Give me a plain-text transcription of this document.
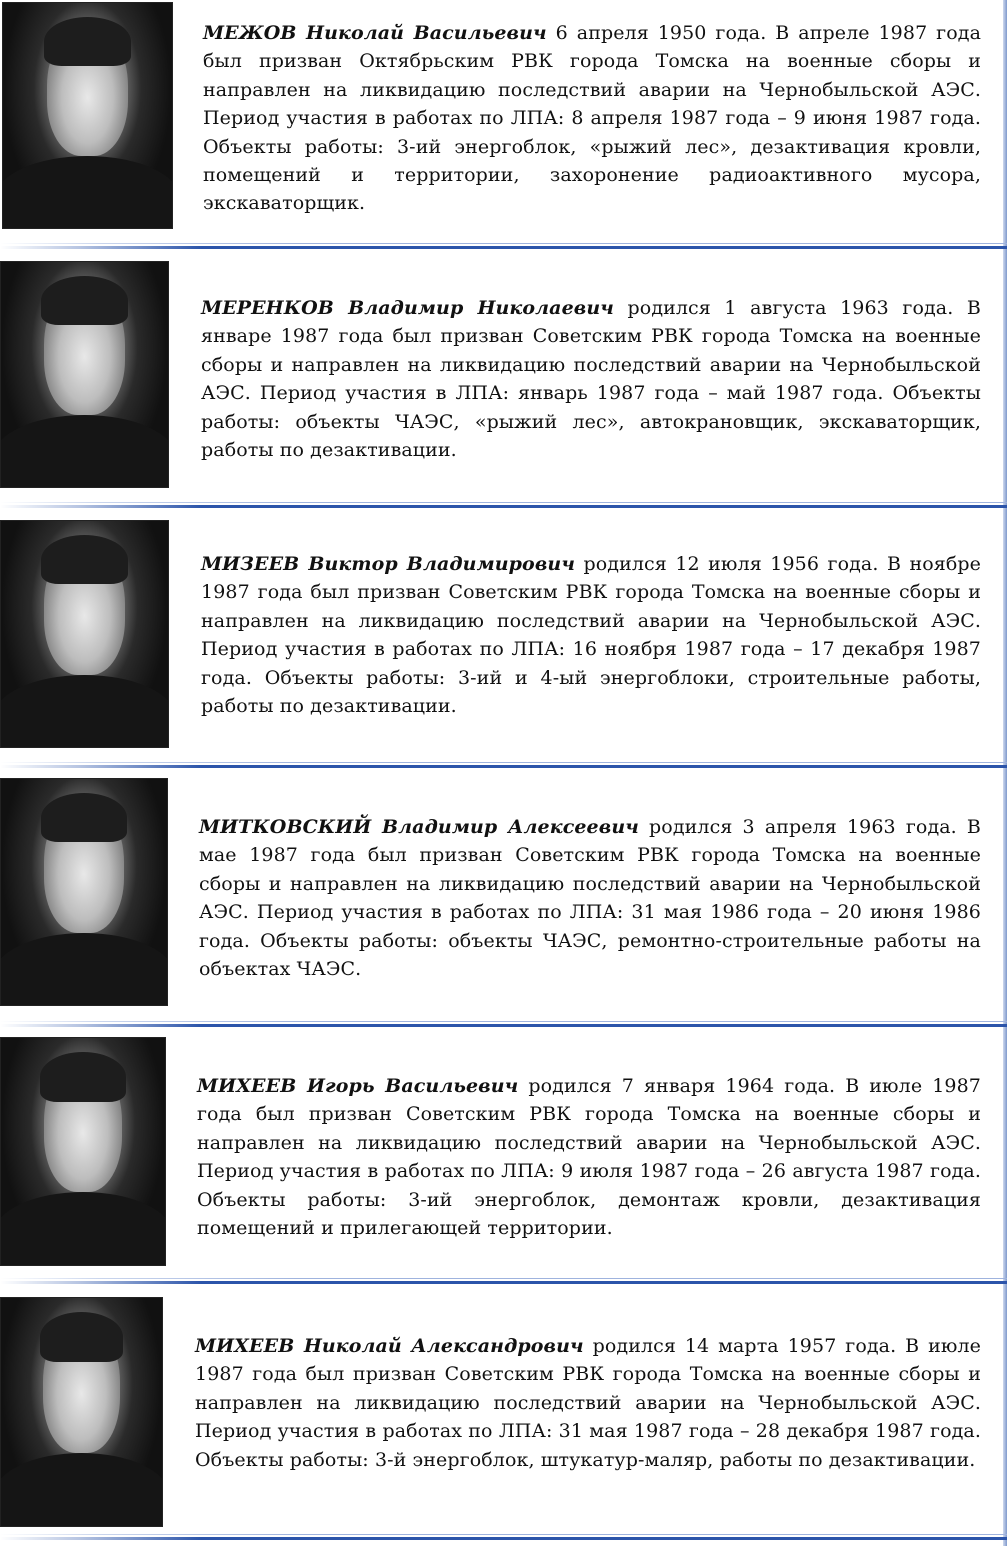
МЕЖОВ Николай Васильевич 6 апреля 1950 года. В апреле 1987 года был призван Октябрьским РВК города Томска на военные сборы и направлен на ликвидацию последствий аварии на Чернобыльской АЭС. Период участия в работах по ЛПА: 8 апреля 1987 года – 9 июня 1987 года. Объекты работы: 3-ий энергоблок, «рыжий лес», дезактивация кровли, помещений и территории, захоронение радиоактивного мусора, экскаваторщик.

МЕРЕНКОВ Владимир Николаевич родился 1 августа 1963 года. В январе 1987 года был призван Советским РВК города Томска на военные сборы и направлен на ликвидацию последствий аварии на Чернобыльской АЭС. Период участия в ЛПА: январь 1987 года – май 1987 года. Объекты работы: объекты ЧАЭС, «рыжий лес», автокрановщик, экскаваторщик, работы по дезактивации.

МИЗЕЕВ Виктор Владимирович родился 12 июля 1956 года. В ноябре 1987 года был призван Советским РВК города Томска на военные сборы и направлен на ликвидацию последствий аварии на Чернобыльской АЭС. Период участия в работах по ЛПА: 16 ноября 1987 года – 17 декабря 1987 года. Объекты работы: 3-ий и 4-ый энергоблоки, строительные работы, работы по дезактивации.

МИТКОВСКИЙ Владимир Алексеевич родился 3 апреля 1963 года. В мае 1987 года был призван Советским РВК города Томска на военные сборы и направлен на ликвидацию последствий аварии на Чернобыльской АЭС. Период участия в работах по ЛПА: 31 мая 1986 года – 20 июня 1986 года. Объекты работы: объекты ЧАЭС, ремонтно-строительные работы на объектах ЧАЭС.

МИХЕЕВ Игорь Васильевич родился 7 января 1964 года. В июле 1987 года был призван Советским РВК города Томска на военные сборы и направлен на ликвидацию последствий аварии на Чернобыльской АЭС. Период участия в работах по ЛПА: 9 июля 1987 года – 26 августа 1987 года. Объекты работы: 3-ий энергоблок, демонтаж кровли, дезактивация помещений и прилегающей территории.

МИХЕЕВ Николай Александрович родился 14 марта 1957 года. В июле 1987 года был призван Советским РВК города Томска на военные сборы и направлен на ликвидацию последствий аварии на Чернобыльской АЭС. Период участия в работах по ЛПА: 31 мая 1987 года – 28 декабря 1987 года. Объекты работы: 3-й энергоблок, штукатур-маляр, работы по дезактивации.
